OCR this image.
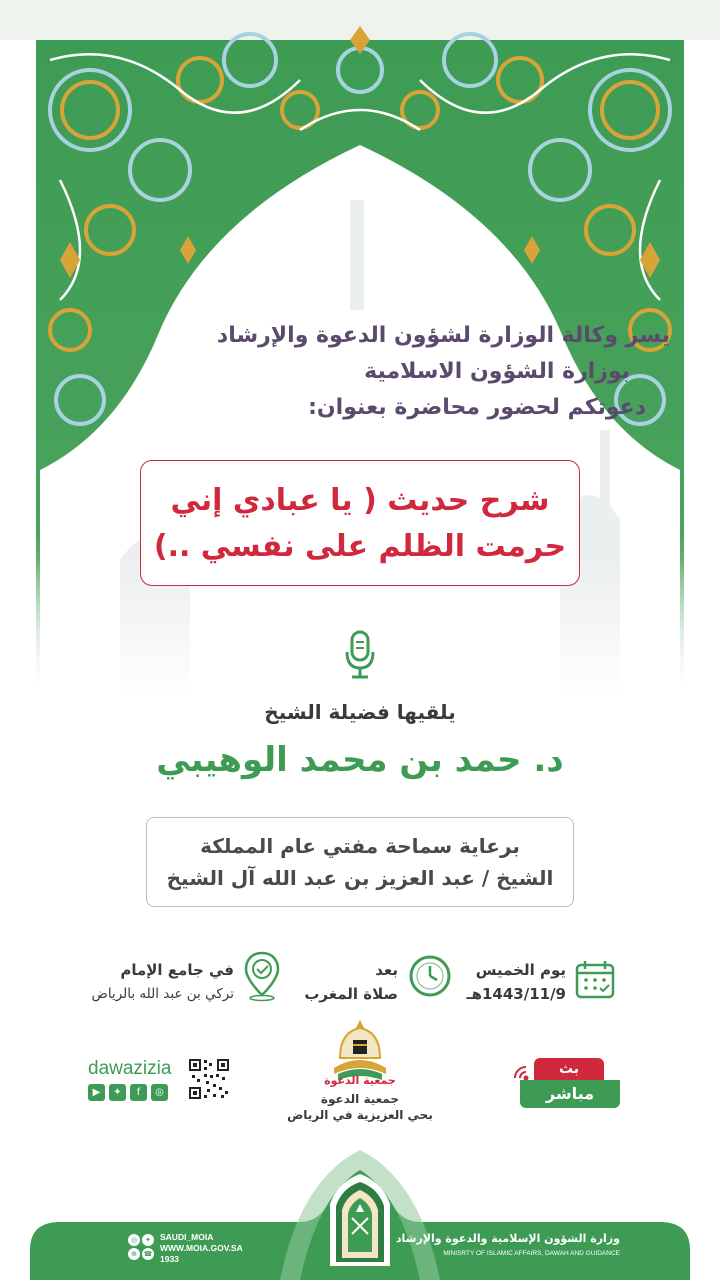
يسر وكالة الوزارة لشؤون الدعوة والإرشاد
بوزارة الشؤون الاسلامية
دعوتكم لحضور محاضرة بعنوان:
شرح حديث ( يا عبادي إني
حرمت الظلم على نفسي ..)
يلقيها فضيلة الشيخ
د. حمد بن محمد الوهيبي
برعاية سماحة مفتي عام المملكة
الشيخ / عبد العزيز بن عبد الله آل الشيخ
يوم الخميس
1443/11/9هـ
بعد
صلاة المغرب
في جامع الإمام
تركي بن عبد الله بالرياض
بث
مباشر
جمعية الدعوة
جمعية الدعوة
بحي العزيزية في الرياض
dawazizia
▶	✦	f	◎
وزارة الشؤون الإسلامية والدعوة والإرشاد
MINISRTY OF ISLAMIC AFFAIRS, DAWAH AND GUIDANCE
◎	✦
⊕ ☎
SAUDI_MOIA
WWW.MOIA.GOV.SA
1933
